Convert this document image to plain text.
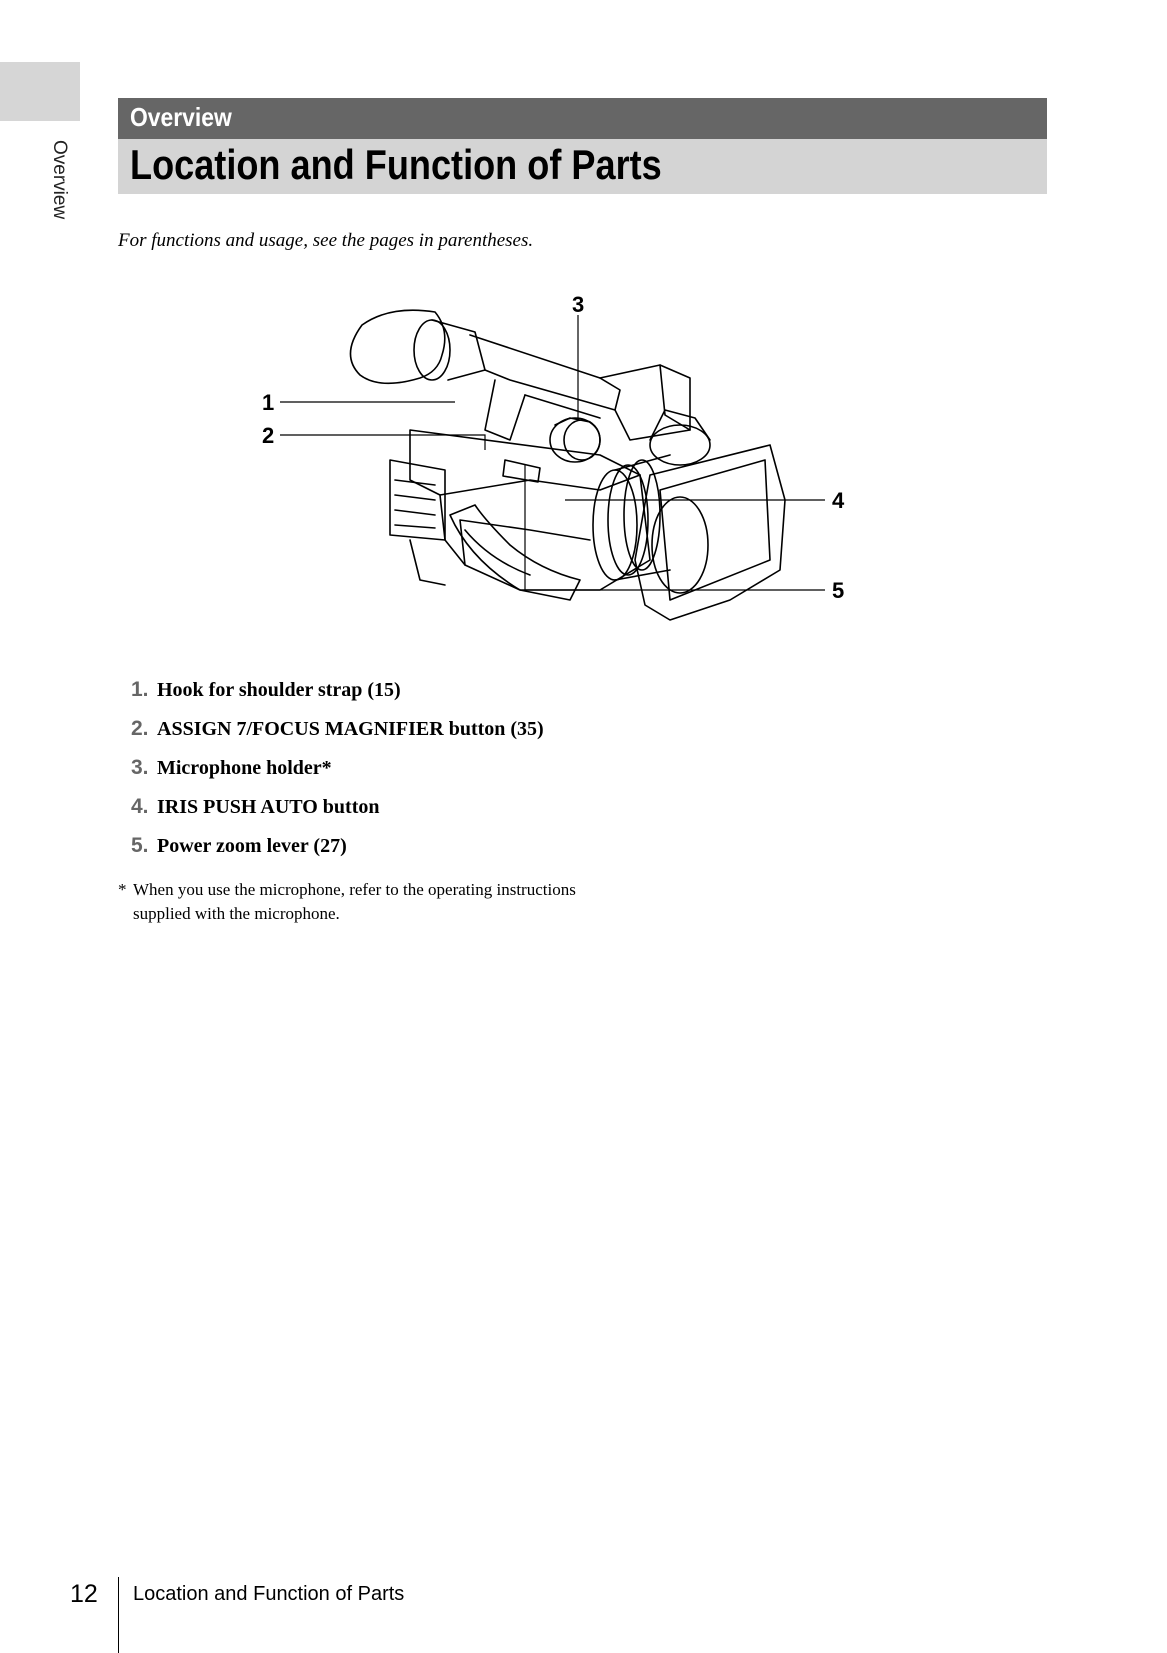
Overview
Overview
Location and Function of Parts
For functions and usage, see the pages in parentheses.
1
2
3
4
5
1. Hook for shoulder strap (15)
2. ASSIGN 7/FOCUS MAGNIFIER button (35)
3. Microphone holder*
4. IRIS PUSH AUTO button
5. Power zoom lever (27)
* When you use the microphone, refer to the operating instructions supplied with the microphone.
12 Location and Function of Parts
